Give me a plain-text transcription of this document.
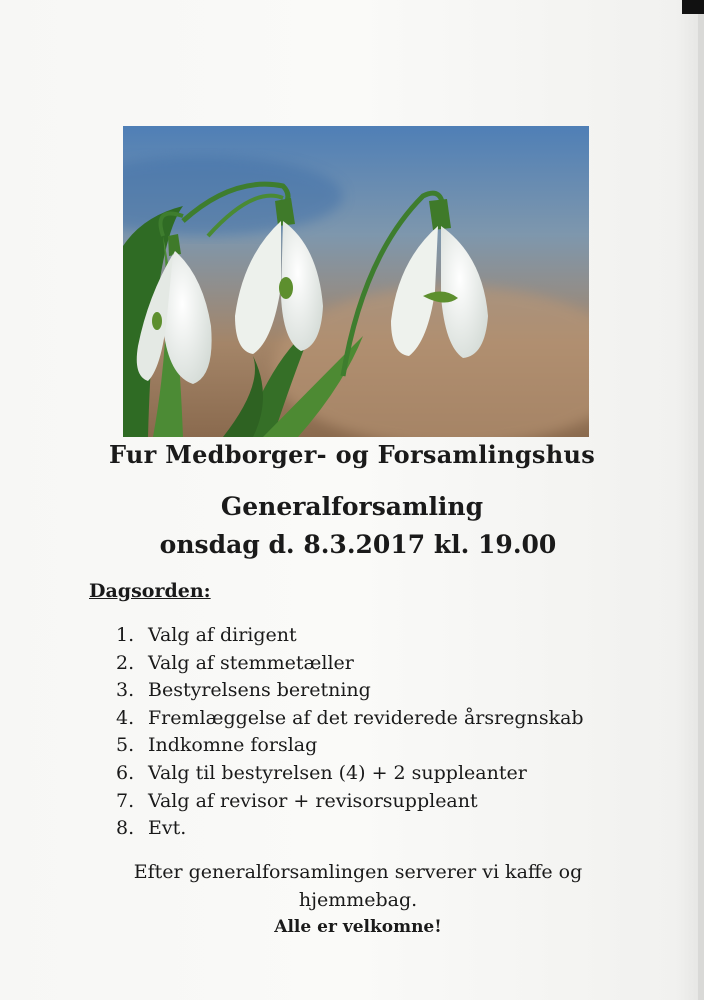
Fur Medborger- og Forsamlingshus
Generalforsamling
onsdag d. 8.3.2017 kl. 19.00
Dagsorden:
1. Valg af dirigent
2. Valg af stemmetæller
3. Bestyrelsens beretning
4. Fremlæggelse af det reviderede årsregnskab
5. Indkomne forslag
6. Valg til bestyrelsen (4) + 2 suppleanter
7. Valg af revisor + revisorsuppleant
8. Evt.
Efter generalforsamlingen serverer vi kaffe og
hjemmebag.
Alle er velkomne!
